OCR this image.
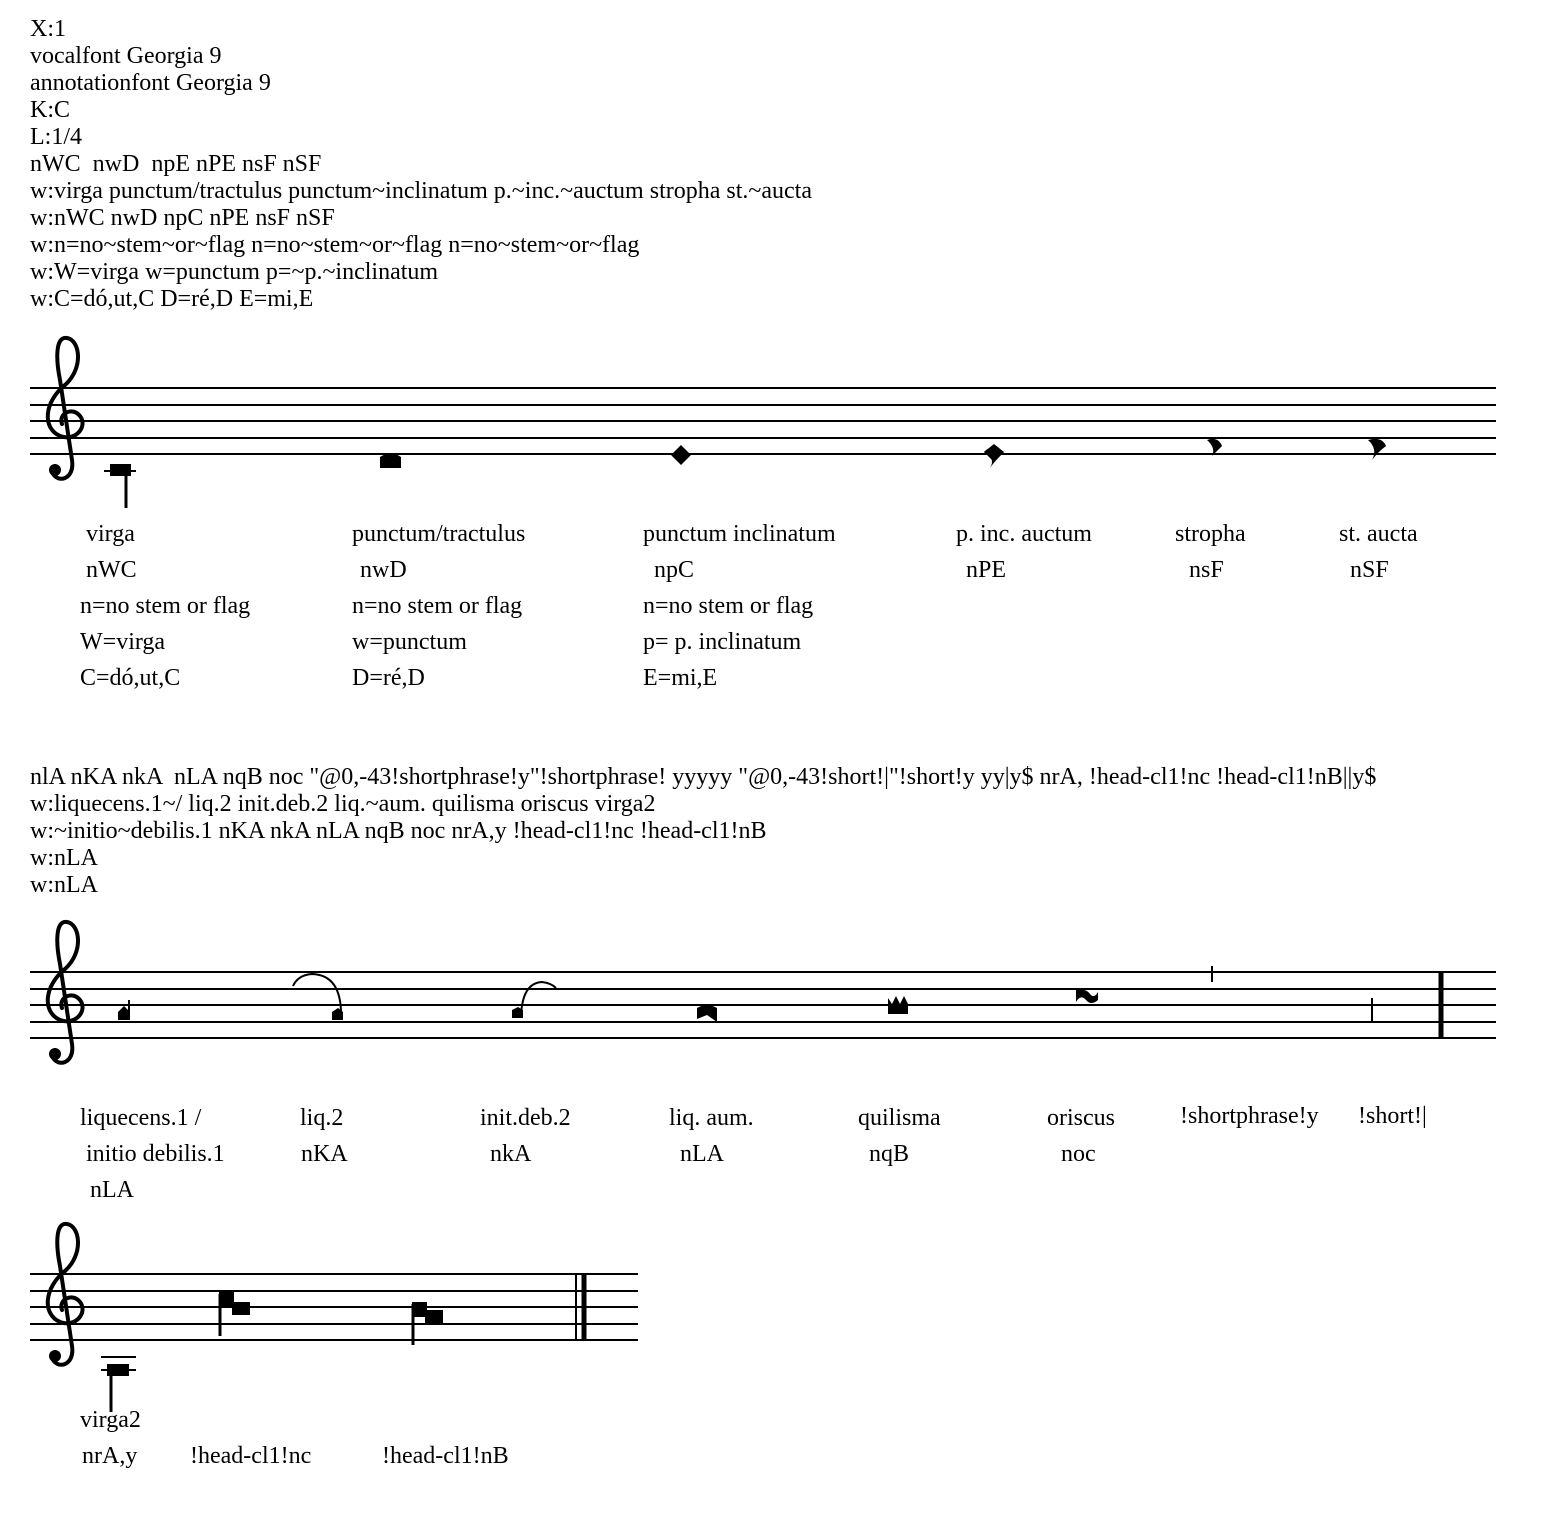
X:1
vocalfont Georgia 9
annotationfont Georgia 9
K:C
L:1/4
nWC  nwD  npE nPE nsF nSF
w:virga punctum/tractulus punctum~inclinatum p.~inc.~auctum stropha st.~aucta
w:nWC nwD npC nPE nsF nSF
w:n=no~stem~or~flag n=no~stem~or~flag n=no~stem~or~flag
w:W=virga w=punctum p=~p.~inclinatum
w:C=dó,ut,C D=ré,D E=mi,E
nlA nKA nkA  nLA nqB noc "@0,-43!shortphrase!y"!shortphrase! yyyyy "@0,-43!short!|"!short!y yy|y$ nrA, !head-cl1!nc !head-cl1!nB||y$
w:liquecens.1~/ liq.2 init.deb.2 liq.~aum. quilisma oriscus virga2
w:~initio~debilis.1 nKA nkA nLA nqB noc nrA,y !head-cl1!nc !head-cl1!nB
w:nLA
w:nLA
virga
nWC
n=no stem or flag
W=virga
C=dó,ut,C
punctum/tractulus
nwD
n=no stem or flag
w=punctum
D=ré,D
punctum inclinatum
npC
n=no stem or flag
p= p. inclinatum
E=mi,E
p. inc. auctum
nPE
stropha
nsF
st. aucta
nSF
liquecens.1 /
initio debilis.1
nLA
liq.2
nKA
init.deb.2
nkA
liq. aum.
nLA
quilisma
nqB
oriscus
noc
!shortphrase!y !short!|
virga2
nrA,y !head-cl1!nc	!head-cl1!nB
